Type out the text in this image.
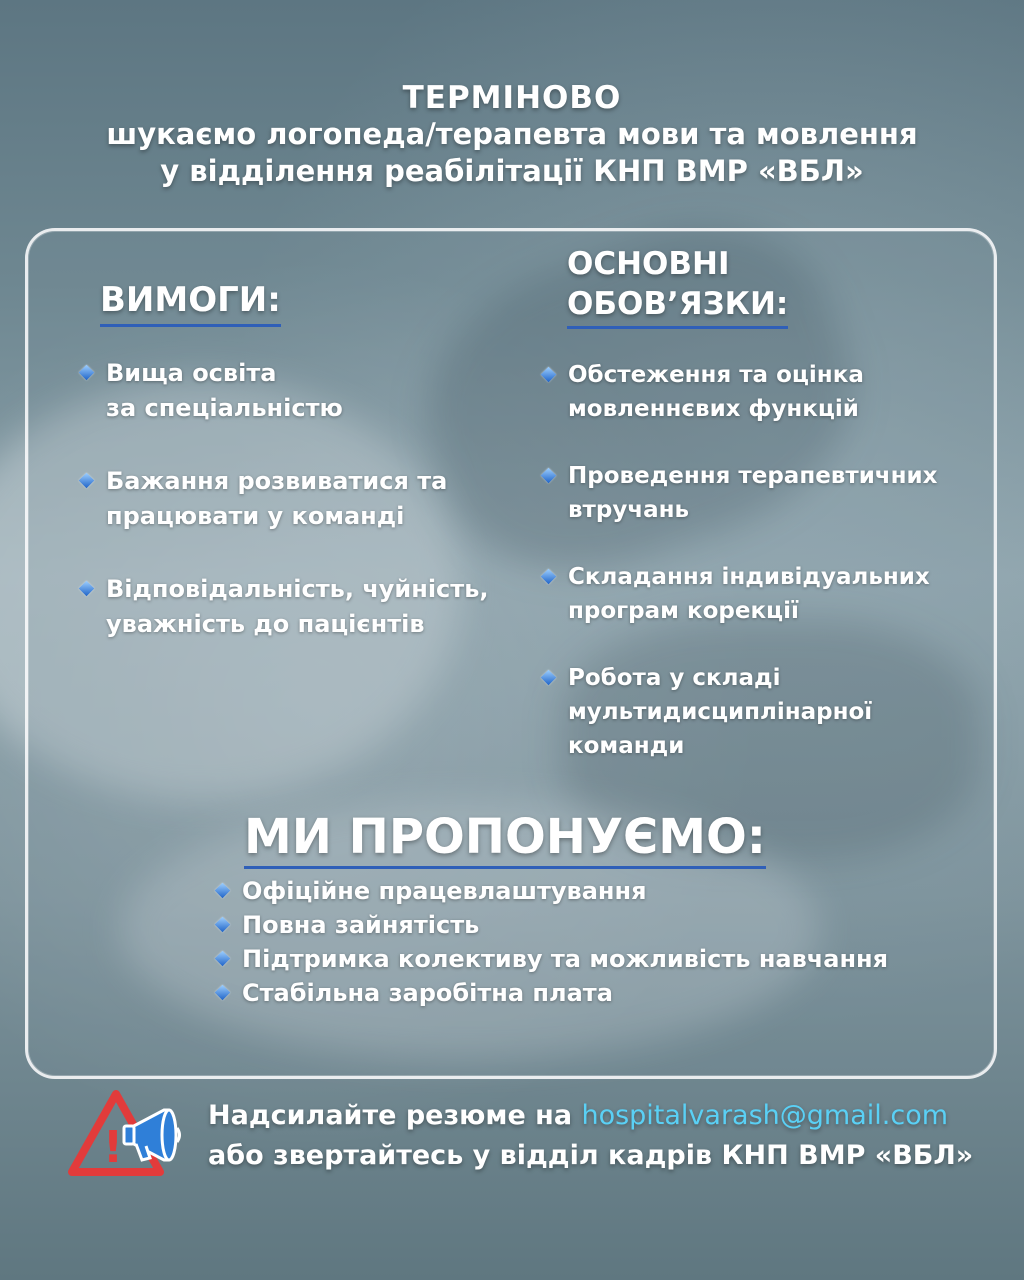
ТЕРМІНОВО
шукаємо логопеда/терапевта мови та мовлення
у відділення реабілітації КНП ВМР «ВБЛ»
ВИМОГИ:
ОСНОВНІ
ОБОВ’ЯЗКИ:
Вища освіта
за спеціальністю
Бажання розвиватися та
працювати у команді
Відповідальність, чуйність,
уважність до пацієнтів
Обстеження та оцінка
мовленнєвих функцій
Проведення терапевтичних
втручань
Складання індивідуальних
програм корекції
Робота у складі
мультидисциплінарної
команди
МИ ПРОПОНУЄМО:
Офіційне працевлаштування
Повна зайнятість
Підтримка колективу та можливість навчання
Стабільна заробітна плата
!
Надсилайте резюме на hospitalvarash@gmail.com
або звертайтесь у відділ кадрів КНП ВМР «ВБЛ»
